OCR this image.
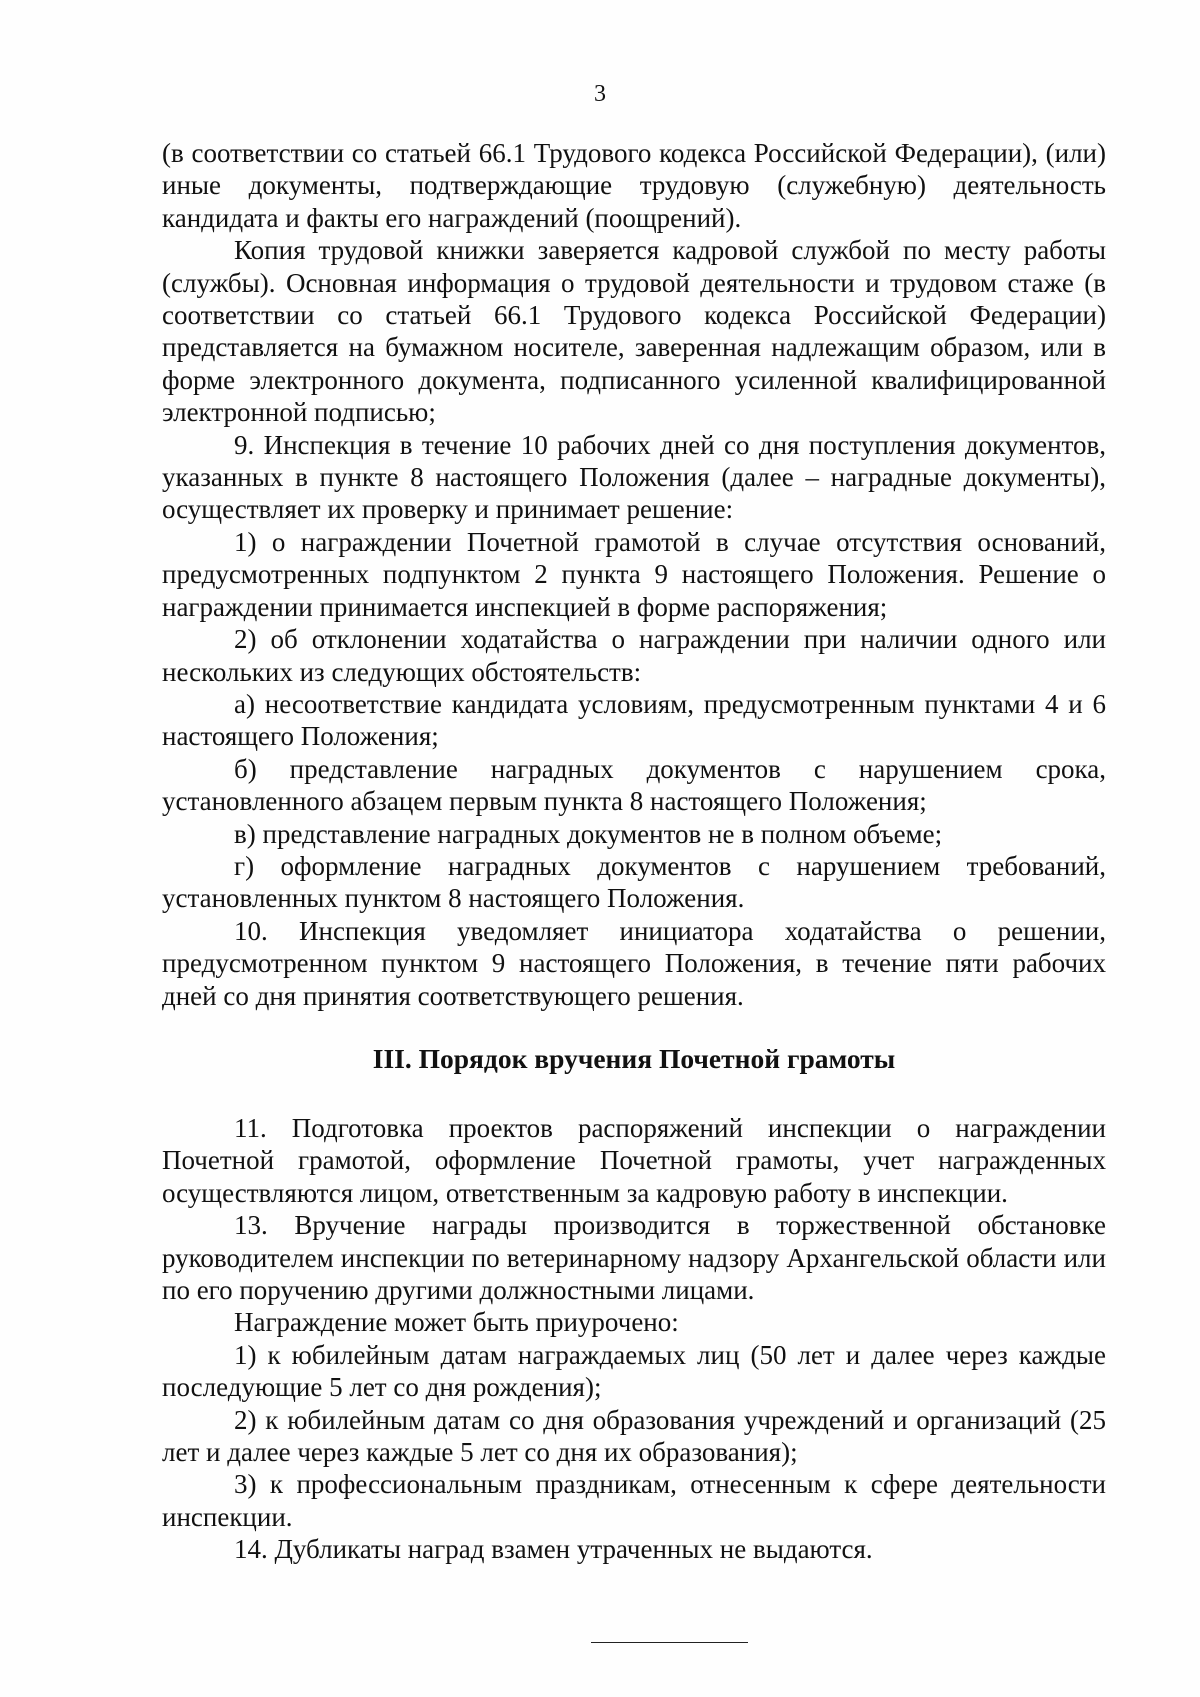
3

(в соответствии со статьей 66.1 Трудового кодекса Российской Федерации), (или) иные документы, подтверждающие трудовую (служебную) деятельность кандидата и факты его награждений (поощрений).

Копия трудовой книжки заверяется кадровой службой по месту работы (службы). Основная информация о трудовой деятельности и трудовом стаже (в соответствии со статьей 66.1 Трудового кодекса Российской Федерации) представляется на бумажном носителе, заверенная надлежащим образом, или в форме электронного документа, подписанного усиленной квалифицированной электронной подписью;

9. Инспекция в течение 10 рабочих дней со дня поступления документов, указанных в пункте 8 настоящего Положения (далее – наградные документы), осуществляет их проверку и принимает решение:

1) о награждении Почетной грамотой в случае отсутствия оснований, предусмотренных подпунктом 2 пункта 9 настоящего Положения. Решение о награждении принимается инспекцией в форме распоряжения;

2) об отклонении ходатайства о награждении при наличии одного или нескольких из следующих обстоятельств:

а) несоответствие кандидата условиям, предусмотренным пунктами 4 и 6 настоящего Положения;

б) представление наградных документов с нарушением срока, установленного абзацем первым пункта 8 настоящего Положения;

в) представление наградных документов не в полном объеме;

г) оформление наградных документов с нарушением требований, установленных пунктом 8 настоящего Положения.

10. Инспекция уведомляет инициатора ходатайства о решении, предусмотренном пунктом 9 настоящего Положения, в течение пяти рабочих дней со дня принятия соответствующего решения.

III. Порядок вручения Почетной грамоты

11. Подготовка проектов распоряжений инспекции о награждении Почетной грамотой, оформление Почетной грамоты, учет награжденных осуществляются лицом, ответственным за кадровую работу в инспекции.

13. Вручение награды производится в торжественной обстановке руководителем инспекции по ветеринарному надзору Архангельской области или по его поручению другими должностными лицами.

Награждение может быть приурочено:

1) к юбилейным датам награждаемых лиц (50 лет и далее через каждые последующие 5 лет со дня рождения);

2) к юбилейным датам со дня образования учреждений и организаций (25 лет и далее через каждые 5 лет со дня их образования);

3) к профессиональным праздникам, отнесенным к сфере деятельности инспекции.

14. Дубликаты наград взамен утраченных не выдаются.
